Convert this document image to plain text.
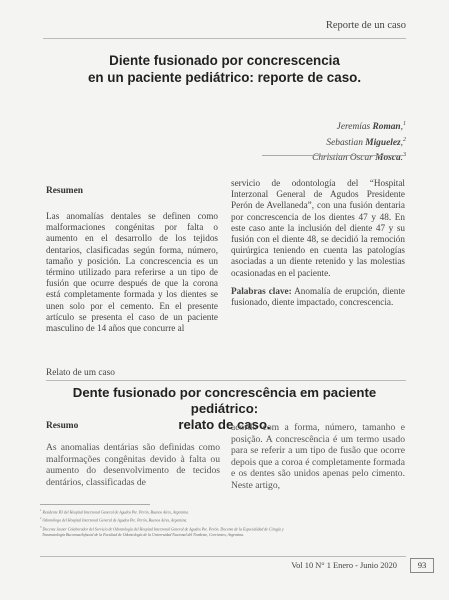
Reporte de un caso
Diente fusionado por concrescencia
en un paciente pediátrico: reporte de caso.
Jeremías Roman,$^1$
Sebastian Miguelez,$^2$
Christian Oscar Mosca.$^3$
Resumen
Las anomalías dentales se definen como malformaciones congénitas por falta o aumento en el desarrollo de los tejidos dentarios, clasificadas según forma, número, tamaño y posición. La concrescencia es un término utilizado para referirse a un tipo de fusión que ocurre después de que la corona está completamente formada y los dientes se unen solo por el cemento. En el presente artículo se presenta el caso de un paciente masculino de 14 años que concurre al
servicio de odontología del “Hospital Interzonal General de Agudos Presidente Perón de Avellaneda”, con una fusión dentaria por concrescencia de los dientes 47 y 48. En este caso ante la inclusión del diente 47 y su fusión con el diente 48, se decidió la remoción quirúrgica teniendo en cuenta las patologías asociadas a un diente retenido y las molestias ocasionadas en el paciente.
Palabras clave: Anomalía de erupción, diente fusionado, diente impactado, concrescencia.
Relato de um caso
Dente fusionado por concrescência em paciente pediátrico:
relato de caso.
Resumo
As anomalias dentárias são definidas como malformações congênitas devido à falta ou aumento do desenvolvimento de tecidos dentários, classificadas de
acordo com a forma, número, tamanho e posição. A concrescência é um termo usado para se referir a um tipo de fusão que ocorre depois que a coroa é completamente formada e os dentes são unidos apenas pelo cimento. Neste artigo,
$^1$ Residente R3 del Hospital Interzonal General de Agudos Pte. Perón, Buenos Aires, Argentina.
$^2$ Odontólogo del Hospital Interzonal General de Agudos Pte. Perón, Buenos Aires, Argentina.
$^3$ Docente Jasner Colaborador del Servicio de Odontología del Hospital Interzonal General de Agudos Pte. Perón. Docente de la Especialidad de Cirugía y
Traumatología Bucomaxilofacial de la Facultad de Odontología de la Universidad Nacional del Nordeste, Corrientes, Argentina.
Vol 10 N° 1 Enero - Junio 2020	93
